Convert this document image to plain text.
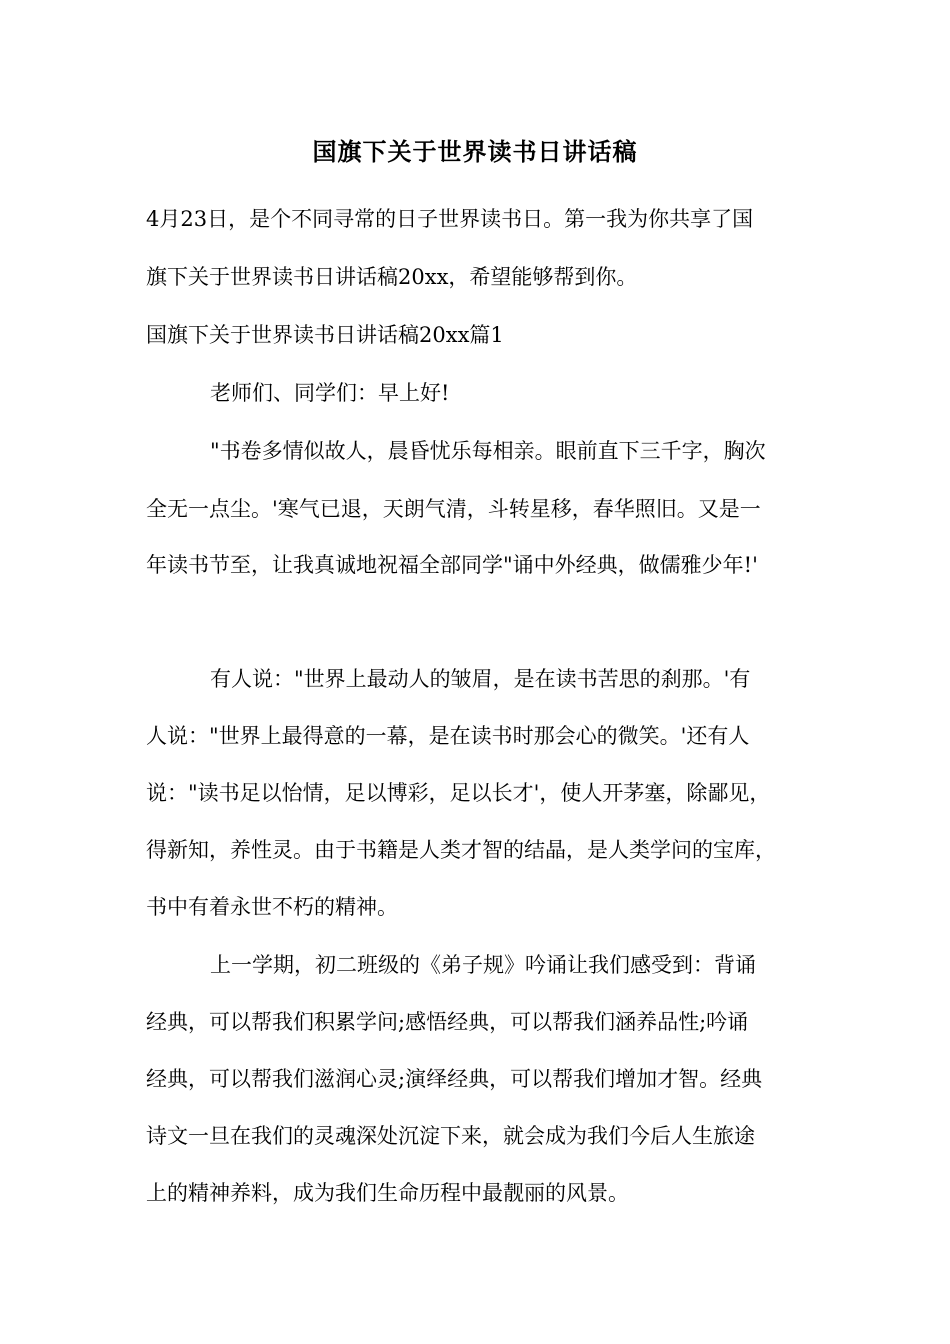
国旗下关于世界读书日讲话稿
4月23日，是个不同寻常的日子世界读书日。第一我为你共享了国
旗下关于世界读书日讲话稿20xx，希望能够帮到你。
国旗下关于世界读书日讲话稿20xx篇1
老师们、同学们：早上好!
"书卷多情似故人，晨昏忧乐每相亲。眼前直下三千字，胸次
全无一点尘。'寒气已退，天朗气清，斗转星移，春华照旧。又是一
年读书节至，让我真诚地祝福全部同学"诵中外经典，做儒雅少年!'
有人说："世界上最动人的皱眉，是在读书苦思的刹那。'有
人说："世界上最得意的一幕，是在读书时那会心的微笑。'还有人
说："读书足以怡情，足以博彩，足以长才'，使人开茅塞，除鄙见，
得新知，养性灵。由于书籍是人类才智的结晶，是人类学问的宝库，
书中有着永世不朽的精神。
上一学期，初二班级的《弟子规》吟诵让我们感受到：背诵
经典，可以帮我们积累学问;感悟经典，可以帮我们涵养品性;吟诵
经典，可以帮我们滋润心灵;演绎经典，可以帮我们增加才智。经典
诗文一旦在我们的灵魂深处沉淀下来，就会成为我们今后人生旅途
上的精神养料，成为我们生命历程中最靓丽的风景。
